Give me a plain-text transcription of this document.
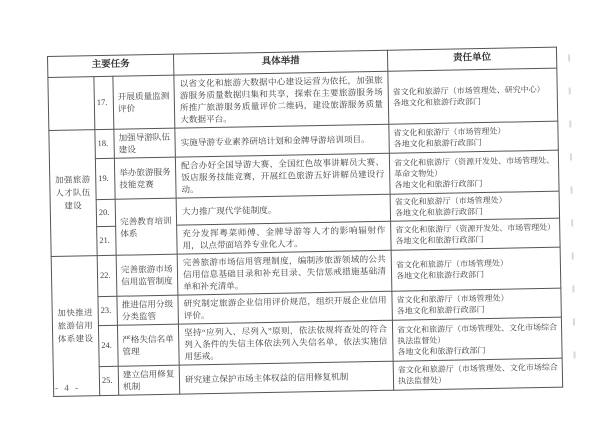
主要任务			具体举措	责任单位
	17.	开展质量监测评价	以省文化和旅游大数据中心建设运营为依托，加强旅游服务质量数据归集和共享，探索在主要旅游服务场所推广旅游服务质量评价二维码，建设旅游服务质量大数据平台。	省文化和旅游厅（市场管理处、研究中心）
各地文化和旅游行政部门
加强旅游人才队伍建设	18.	加强导游队伍建设	实施导游专业素养研培计划和金牌导游培训项目。	省文化和旅游厅（市场管理处）
各地文化和旅游行政部门
	19.	举办旅游服务技能竞赛	配合办好全国导游大赛、全国红色故事讲解员大赛、饭店服务技能竞赛，开展红色旅游五好讲解员建设行动。	省文化和旅游厅（资源开发处、市场管理处、革命文物处）
各地文化和旅游行政部门
	20.	完善教育培训体系	大力推广现代学徒制度。	省文化和旅游厅（市场管理处）
各地文化和旅游行政部门
	21.		充分发挥粤菜师傅、金牌导游等人才的影响辐射作用，以点带面培养专业化人才。	省文化和旅游厅（资源开发处、市场管理处）
各地文化和旅游行政部门
加快推进旅游信用体系建设	22.	完善旅游市场信用监管制度	完善旅游市场信用管理制度，编制涉旅游领域的公共信用信息基础目录和补充目录、失信惩戒措施基础清单和补充清单。	省文化和旅游厅（市场管理处）
各地文化和旅游行政部门
	23.	推进信用分级分类监管	研究制定旅游企业信用评价规范，组织开展企业信用评价。	省文化和旅游厅（市场管理处）
各地文化和旅游行政部门
	24.	严格失信名单管理	坚持“应列入、尽列入”原则，依法依规将查处的符合列入条件的失信主体依法列入失信名单，依法实施信用惩戒。	省文化和旅游厅（市场管理处、文化市场综合执法监督处）
各地文化和旅游行政部门
	25.	建立信用修复机制	研究建立保护市场主体权益的信用修复机制	省文化和旅游厅（市场管理处、文化市场综合执法监督处）
- 4 -
